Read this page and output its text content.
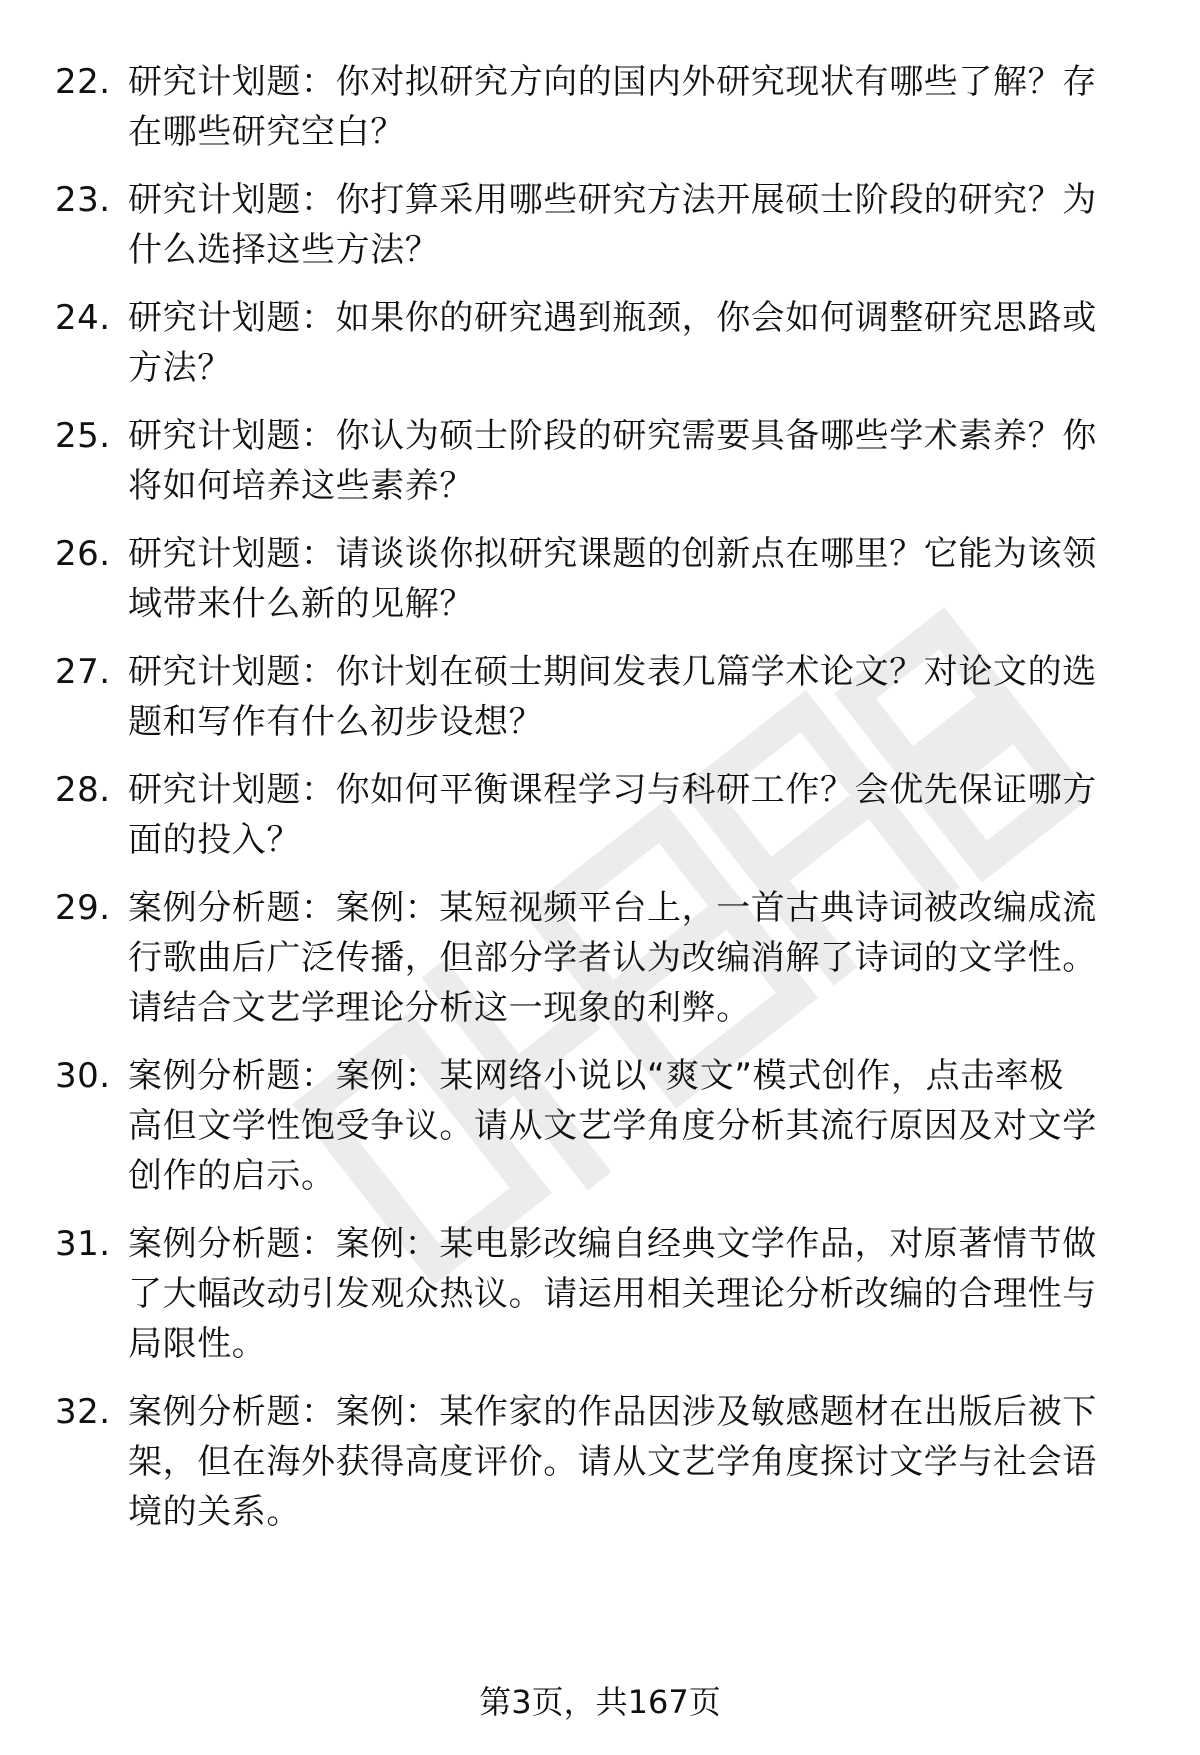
22. 研究计划题：你对拟研究方向的国内外研究现状有哪些了解？存
在哪些研究空白？
23. 研究计划题：你打算采用哪些研究方法开展硕士阶段的研究？为
什么选择这些方法？
24. 研究计划题：如果你的研究遇到瓶颈，你会如何调整研究思路或
方法？
25. 研究计划题：你认为硕士阶段的研究需要具备哪些学术素养？你
将如何培养这些素养？
26. 研究计划题：请谈谈你拟研究课题的创新点在哪里？它能为该领
域带来什么新的见解？
27. 研究计划题：你计划在硕士期间发表几篇学术论文？对论文的选
题和写作有什么初步设想？
28. 研究计划题：你如何平衡课程学习与科研工作？会优先保证哪方
面的投入？
29. 案例分析题：案例：某短视频平台上，一首古典诗词被改编成流
行歌曲后广泛传播，但部分学者认为改编消解了诗词的文学性。
请结合文艺学理论分析这一现象的利弊。
30. 案例分析题：案例：某网络小说以“爽文”模式创作，点击率极
高但文学性饱受争议。请从文艺学角度分析其流行原因及对文学
创作的启示。
31. 案例分析题：案例：某电影改编自经典文学作品，对原著情节做
了大幅改动引发观众热议。请运用相关理论分析改编的合理性与
局限性。
32. 案例分析题：案例：某作家的作品因涉及敏感题材在出版后被下
架，但在海外获得高度评价。请从文艺学角度探讨文学与社会语
境的关系。
第3页，共167页
